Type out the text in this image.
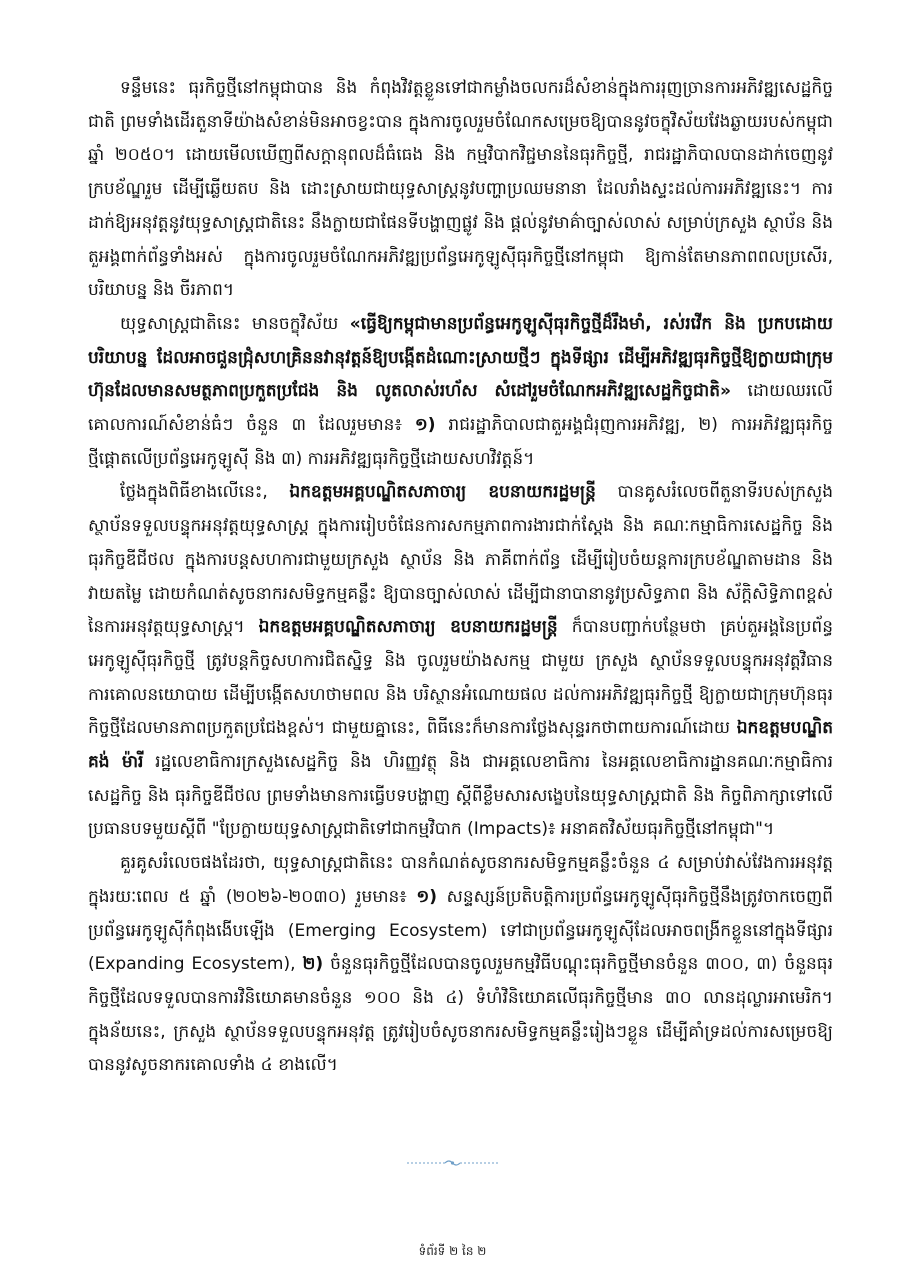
ទន្ទឹមនេះ ធុរកិច្ចថ្មីនៅកម្ពុជាបាន និង កំពុងវិវត្តខ្លួនទៅជាកម្លាំងចលករដ៏សំខាន់ក្នុងការរុញច្រានការអភិវឌ្ឍសេដ្ឋកិច្ចជាតិ ព្រមទាំងដើរតួនាទីយ៉ាងសំខាន់មិនអាចខ្វះបាន ក្នុងការចូលរួមចំណែកសម្រេចឱ្យបាននូវចក្ខុវិស័យវែងឆ្ងាយរបស់កម្ពុជា ឆ្នាំ ២០៥០។ ដោយមើលឃើញពីសក្តានុពលដ៏ធំធេង និង កម្មវិបាកវិជ្ជមាននៃធុរកិច្ចថ្មី, រាជរដ្ឋាភិបាលបានដាក់ចេញនូវក្របខ័ណ្ឌរួម ដើម្បីឆ្លើយតប និង ដោះស្រាយជាយុទ្ធសាស្ត្រនូវបញ្ហាប្រឈមនានា ដែលរាំងស្ទះដល់ការអភិវឌ្ឍនេះ។ ការដាក់ឱ្យអនុវត្តនូវយុទ្ធសាស្ត្រជាតិនេះ នឹងក្លាយជាផែនទីបង្ហាញផ្លូវ និង ផ្តល់នូវមាគ៌ាច្បាស់លាស់ សម្រាប់ក្រសួង ស្ថាប័ន និង តួអង្គពាក់ព័ន្ធទាំងអស់ ក្នុងការចូលរួមចំណែកអភិវឌ្ឍប្រព័ន្ធអេកូឡូស៊ីធុរកិច្ចថ្មីនៅកម្ពុជា ឱ្យកាន់តែមានភាពពលប្រសើរ, បរិយាបន្ន និង ចីរភាព។

យុទ្ធសាស្ត្រជាតិនេះ មានចក្ខុវិស័យ «ធ្វើឱ្យកម្ពុជាមានប្រព័ន្ធអេកូឡូស៊ីធុរកិច្ចថ្មីដ៏រឹងមាំ, រស់រវើក និង ប្រកបដោយបរិយាបន្ន ដែលអាចជួនជ្រុំសហគ្រិននវានុវត្តន៍ឱ្យបង្កើតដំណោះស្រាយថ្មីៗ ក្នុងទីផ្សារ ដើម្បីអភិវឌ្ឍធុរកិច្ចថ្មីឱ្យក្លាយជាក្រុមហ៊ុនដែលមានសមត្ថភាពប្រកួតប្រជែង និង លូតលាស់រហ័ស សំដៅរួមចំណែកអភិវឌ្ឍសេដ្ឋកិច្ចជាតិ» ដោយឈរលើគោលការណ៍សំខាន់ធំៗ ចំនួន ៣ ដែលរួមមាន៖ ១) រាជរដ្ឋាភិបាលជាតួអង្គជំរុញការអភិវឌ្ឍ, ២) ការអភិវឌ្ឍធុរកិច្ចថ្មីផ្តោតលើប្រព័ន្ធអេកូឡូស៊ី និង ៣) ការអភិវឌ្ឍធុរកិច្ចថ្មីដោយសហវិវត្តន៍។

ថ្លែងក្នុងពិធីខាងលើនេះ, ឯកឧត្តមអគ្គបណ្ឌិតសភាចារ្យ ឧបនាយករដ្ឋមន្ត្រី បានគូសរំលេចពីតួនាទីរបស់ក្រសួង ស្ថាប័នទទួលបន្ទុកអនុវត្តយុទ្ធសាស្ត្រ ក្នុងការរៀបចំផែនការសកម្មភាពការងារជាក់ស្តែង និង គណៈកម្មាធិការសេដ្ឋកិច្ច និង ធុរកិច្ចឌីជីថល ក្នុងការបន្តសហការជាមួយក្រសួង ស្ថាប័ន និង ភាគីពាក់ព័ន្ធ ដើម្បីរៀបចំយន្តការក្របខ័ណ្ឌតាមដាន និង វាយតម្លៃ ដោយកំណត់សូចនាករសមិទ្ធកម្មគន្លឹះ ឱ្យបានច្បាស់លាស់ ដើម្បីជានាបានានូវប្រសិទ្ធភាព និង ស័ក្តិសិទ្ធិភាពខ្ពស់នៃការអនុវត្តយុទ្ធសាស្ត្រ។ ឯកឧត្តមអគ្គបណ្ឌិតសភាចារ្យ ឧបនាយករដ្ឋមន្ត្រី ក៏បានបញ្ជាក់បន្ថែមថា គ្រប់តួអង្គនៃប្រព័ន្ធអេកូឡូស៊ីធុរកិច្ចថ្មី ត្រូវបន្តកិច្ចសហការជិតស្និទ្ធ និង ចូលរួមយ៉ាងសកម្ម ជាមួយ ក្រសួង ស្ថាប័នទទួលបន្ទុកអនុវត្តវិធានការគោលនយោបាយ ដើម្បីបង្កើតសហថាមពល និង បរិស្ថានអំណោយផល ដល់ការអភិវឌ្ឍធុរកិច្ចថ្មី ឱ្យក្លាយជាក្រុមហ៊ុនធុរកិច្ចថ្មីដែលមានភាពប្រកួតប្រជែងខ្ពស់។ ជាមួយគ្នានេះ, ពិធីនេះក៏មានការថ្លែងសុន្ទរកថាពាយការណ៍ដោយ ឯកឧត្តមបណ្ឌិត គង់ ម៉ារី រដ្ឋលេខាធិការក្រសួងសេដ្ឋកិច្ច និង ហិរញ្ញវត្ថុ និង ជាអគ្គលេខាធិការ នៃអគ្គលេខាធិការដ្ឋានគណៈកម្មាធិការសេដ្ឋកិច្ច និង ធុរកិច្ចឌីជីថល ព្រមទាំងមានការធ្វើបទបង្ហាញ ស្តីពីខ្លឹមសារសង្ខេបនៃយុទ្ធសាស្ត្រជាតិ និង កិច្ចពិភាក្សាទៅលើប្រធានបទមួយស្តីពី "ប្រែក្លាយយុទ្ធសាស្ត្រជាតិទៅជាកម្មវិបាក (Impacts)៖ អនាគតវិស័យធុរកិច្ចថ្មីនៅកម្ពុជា"។

គួរគូសរំលេចផងដែរថា, យុទ្ធសាស្ត្រជាតិនេះ បានកំណត់សូចនាករសមិទ្ធកម្មគន្លឹះចំនួន ៤ សម្រាប់វាស់វែងការអនុវត្តក្នុងរយៈពេល ៥ ឆ្នាំ (២០២៦-២០៣០) រួមមាន៖ ១) សន្ទស្សន៍ប្រតិបត្តិការប្រព័ន្ធអេកូឡូស៊ីធុរកិច្ចថ្មីនឹងត្រូវចាកចេញពី ប្រព័ន្ធអេកូឡូស៊ីកំពុងងើបឡើង (Emerging Ecosystem) ទៅជាប្រព័ន្ធអេកូឡូស៊ីដែលអាចពង្រីកខ្លួននៅក្នុងទីផ្សារ (Expanding Ecosystem), ២) ចំនួនធុរកិច្ចថ្មីដែលបានចូលរួមកម្មវិធីបណ្តុះធុរកិច្ចថ្មីមានចំនួន ៣០០, ៣) ចំនួនធុរកិច្ចថ្មីដែលទទួលបានការវិនិយោគមានចំនួន ១០០ និង ៤) ទំហំវិនិយោគលើធុរកិច្ចថ្មីមាន ៣០ លានដុល្លារអាមេរិក។ ក្នុងន័យនេះ, ក្រសួង ស្ថាប័នទទួលបន្ទុកអនុវត្ត ត្រូវរៀបចំសូចនាករសមិទ្ធកម្មគន្លឹះរៀងៗខ្លួន ដើម្បីគាំទ្រដល់ការសម្រេចឱ្យបាននូវសូចនាករគោលទាំង ៤ ខាងលើ។

ទំព័រទី ២ នៃ ២
